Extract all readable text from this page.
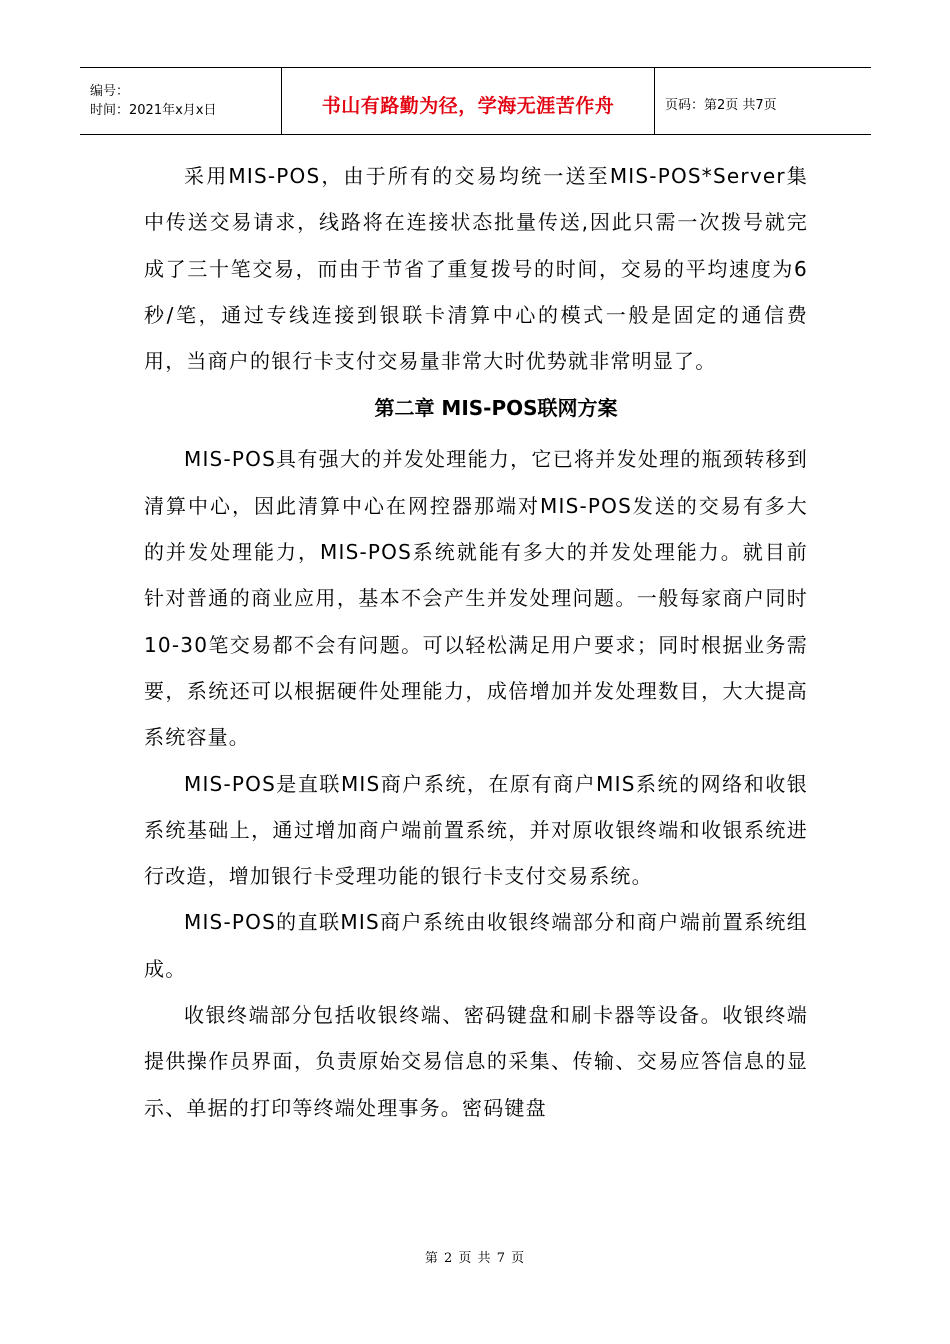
编号：
时间：2021年x月x日	书山有路勤为径，学海无涯苦作舟	页码：第2页 共7页

采用MIS-POS，由于所有的交易均统一送至MIS-POS*Server集中传送交易请求，线路将在连接状态批量传送,因此只需一次拨号就完成了三十笔交易，而由于节省了重复拨号的时间，交易的平均速度为6秒/笔，通过专线连接到银联卡清算中心的模式一般是固定的通信费用，当商户的银行卡支付交易量非常大时优势就非常明显了。

第二章 MIS-POS联网方案

MIS-POS具有强大的并发处理能力，它已将并发处理的瓶颈转移到清算中心，因此清算中心在网控器那端对MIS-POS发送的交易有多大的并发处理能力，MIS-POS系统就能有多大的并发处理能力。就目前针对普通的商业应用，基本不会产生并发处理问题。一般每家商户同时10-30笔交易都不会有问题。可以轻松满足用户要求；同时根据业务需要，系统还可以根据硬件处理能力，成倍增加并发处理数目，大大提高系统容量。

MIS-POS是直联MIS商户系统，在原有商户MIS系统的网络和收银系统基础上，通过增加商户端前置系统，并对原收银终端和收银系统进行改造，增加银行卡受理功能的银行卡支付交易系统。

MIS-POS的直联MIS商户系统由收银终端部分和商户端前置系统组成。

收银终端部分包括收银终端、密码键盘和刷卡器等设备。收银终端提供操作员界面，负责原始交易信息的采集、传输、交易应答信息的显示、单据的打印等终端处理事务。密码键盘

第 2 页 共 7 页
